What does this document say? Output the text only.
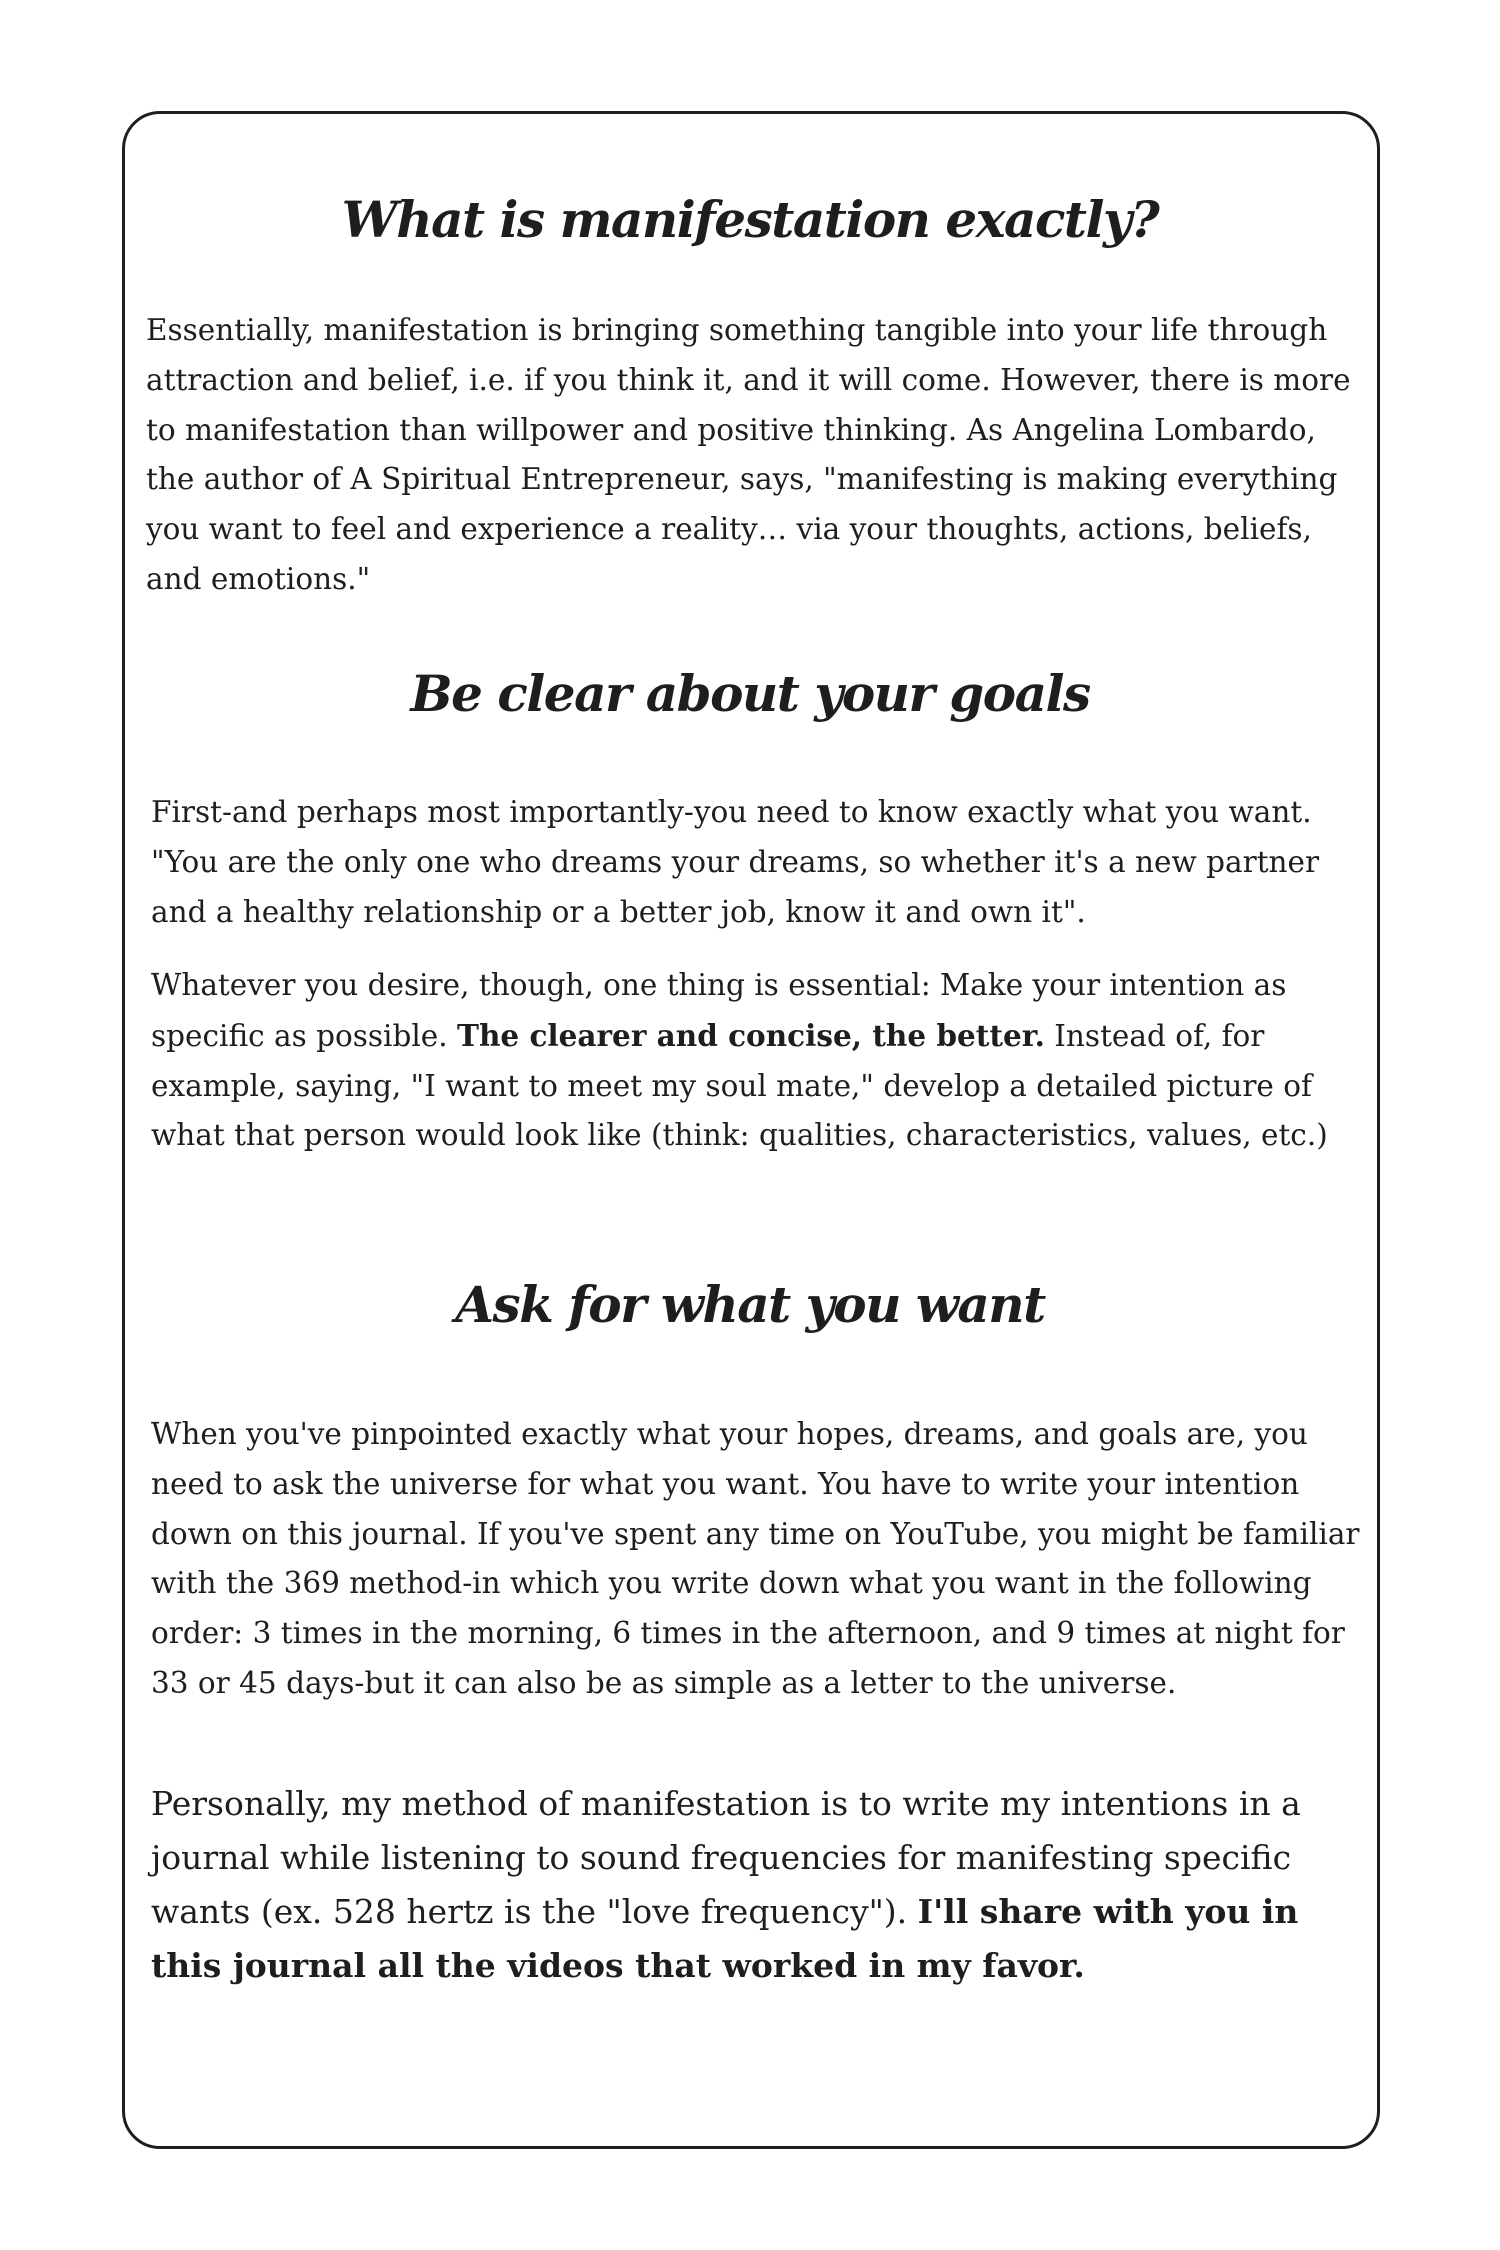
What is manifestation exactly?

Essentially, manifestation is bringing something tangible into your life through attraction and belief, i.e. if you think it, and it will come. However, there is more to manifestation than willpower and positive thinking. As Angelina Lombardo, the author of A Spiritual Entrepreneur, says, "manifesting is making everything you want to feel and experience a reality… via your thoughts, actions, beliefs, and emotions."

Be clear about your goals

First-and perhaps most importantly-you need to know exactly what you want. "You are the only one who dreams your dreams, so whether it's a new partner and a healthy relationship or a better job, know it and own it".

Whatever you desire, though, one thing is essential: Make your intention as specific as possible. The clearer and concise, the better. Instead of, for example, saying, "I want to meet my soul mate," develop a detailed picture of what that person would look like (think: qualities, characteristics, values, etc.)

Ask for what you want

When you've pinpointed exactly what your hopes, dreams, and goals are, you need to ask the universe for what you want. You have to write your intention down on this journal. If you've spent any time on YouTube, you might be familiar with the 369 method-in which you write down what you want in the following order: 3 times in the morning, 6 times in the afternoon, and 9 times at night for 33 or 45 days-but it can also be as simple as a letter to the universe.

Personally, my method of manifestation is to write my intentions in a journal while listening to sound frequencies for manifesting specific wants (ex. 528 hertz is the "love frequency"). I'll share with you in this journal all the videos that worked in my favor.
